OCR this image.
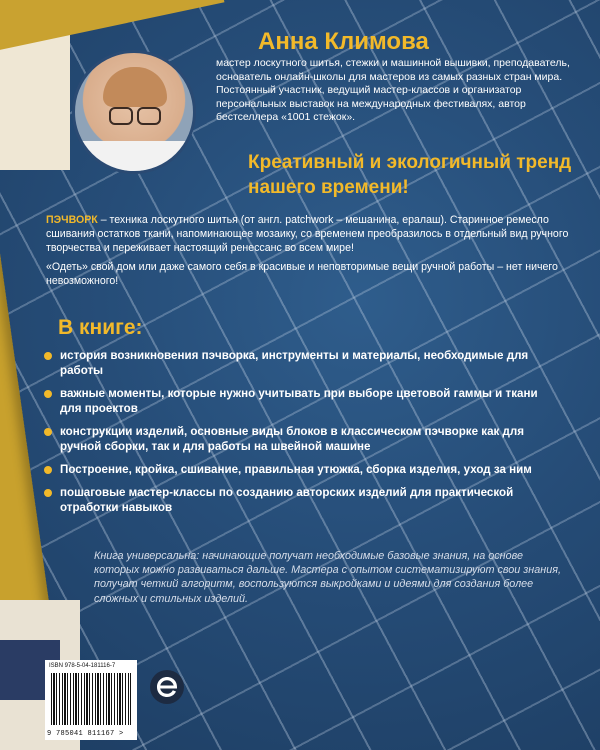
Анна Климова
мастер лоскутного шитья, стежки и машинной вышивки, преподаватель, основатель онлайн-школы для мастеров из самых разных стран мира. Постоянный участник, ведущий мастер-классов и организатор персональных выставок на международных фестивалях, автор бестселлера «1001 стежок».
Креативный и экологичный тренд нашего времени!

ПЭЧВОРК – техника лоскутного шитья (от англ. patchwork – мешанина, ералаш). Старинное ремесло сшивания остатков ткани, напоминающее мозаику, со временем преобразилось в отдельный вид ручного творчества и переживает настоящий ренессанс во всем мире!

«Одеть» свой дом или даже самого себя в красивые и неповторимые вещи ручной работы – нет ничего невозможного!

В книге:
история возникновения пэчворка, инструменты и материалы, необходимые для работы
важные моменты, которые нужно учитывать при выборе цветовой гаммы и ткани для проектов
конструкции изделий, основные виды блоков в классическом пэчворке как для ручной сборки, так и для работы на швейной машине
Построение, кройка, сшивание, правильная утюжка, сборка изделия, уход за ним
пошаговые мастер-классы по созданию авторских изделий для практической отработки навыков
Книга универсальна: начинающие получат необходимые базовые знания, на основе которых можно развиваться дальше. Мастера с опытом систематизируют свои знания, получат четкий алгоритм, воспользуются выкройками и идеями для создания более сложных и стильных изделий.
ISBN 978-5-04-181116-7
9 785041 811167 >
